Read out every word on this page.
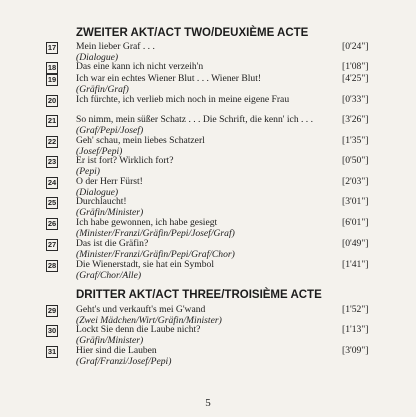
ZWEITER AKT/ACT TWO/DEUXIÈME ACTE
17 Mein lieber Graf . . .
(Dialogue)
[0'24"]
18 Das eine kann ich nicht verzeih'n	[1'08"]
19 Ich war ein echtes Wiener Blut . . . Wiener Blut!
(Gräfin/Graf)
[4'25"]
20 Ich fürchte, ich verlieb mich noch in meine eigene Frau	[0'33"]
21 So nimm, mein süßer Schatz . . . Die Schrift, die kenn' ich . . .
(Graf/Pepi/Josef)
[3'26"]
22 Geh' schau, mein liebes Schatzerl
(Josef/Pepi)
[1'35"]
23 Er ist fort? Wirklich fort?
(Pepi)
[0'50"]
24 O der Herr Fürst!
(Dialogue)
[2'03"]
25 Durchlaucht!
(Gräfin/Minister)
[3'01"]
26 Ich habe gewonnen, ich habe gesiegt
(Minister/Franzi/Gräfin/Pepi/Josef/Graf)
[6'01"]
27 Das ist die Gräfin?
(Minister/Franzi/Gräfin/Pepi/Graf/Chor)
[0'49"]
28 Die Wienerstadt, sie hat ein Symbol
(Graf/Chor/Alle)
[1'41"]
DRITTER AKT/ACT THREE/TROISIÈME ACTE
29 Geht's und verkauft's mei G'wand
(Zwei Mädchen/Wirt/Gräfin/Minister)
[1'52"]
30 Lockt Sie denn die Laube nicht?
(Gräfin/Minister)
[1'13"]
31 Hier sind die Lauben
(Graf/Franzi/Josef/Pepi)
[3'09"]
5
